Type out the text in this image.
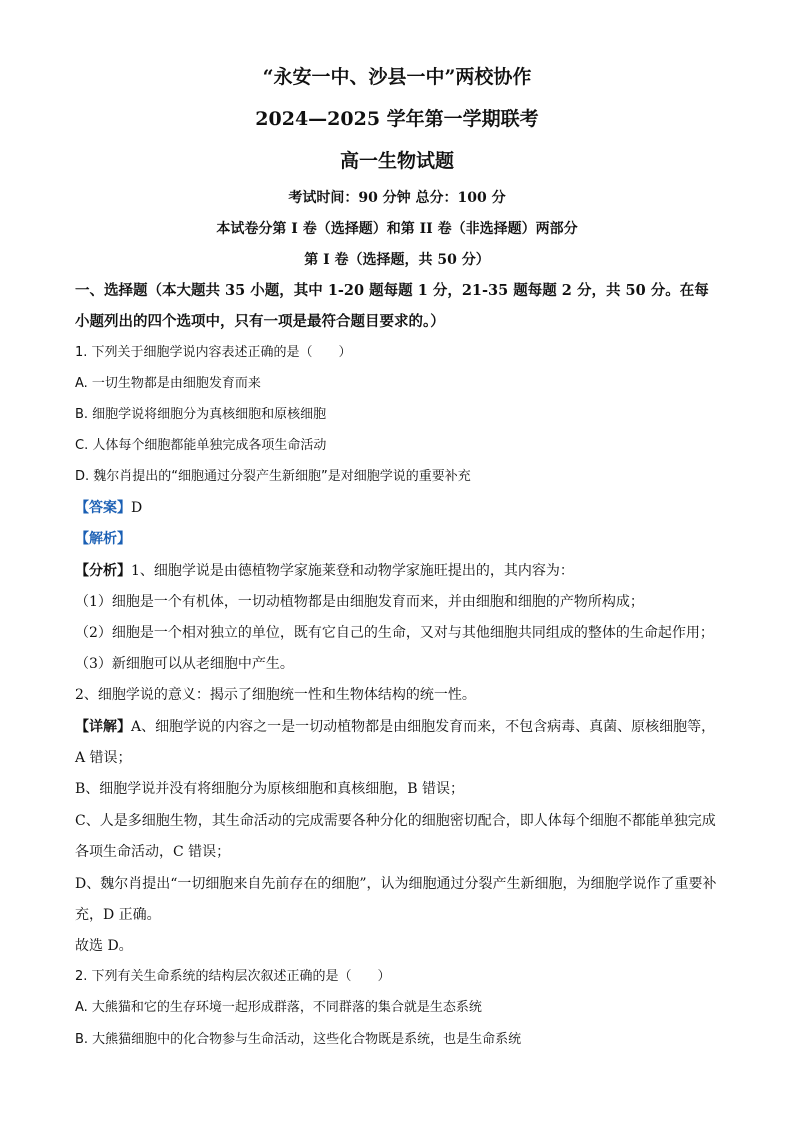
“永安一中、沙县一中”两校协作
2024—2025 学年第一学期联考
高一生物试题
考试时间：90 分钟 总分：100 分
本试卷分第 I 卷（选择题）和第 II 卷（非选择题）两部分
第 I 卷（选择题，共 50 分）
一、选择题（本大题共 35 小题，其中 1-20 题每题 1 分，21-35 题每题 2 分，共 50 分。在每
小题列出的四个选项中，只有一项是最符合题目要求的。）
1. 下列关于细胞学说内容表述正确的是（　　）
A. 一切生物都是由细胞发育而来
B. 细胞学说将细胞分为真核细胞和原核细胞
C. 人体每个细胞都能单独完成各项生命活动
D. 魏尔肖提出的“细胞通过分裂产生新细胞”是对细胞学说的重要补充
【答案】D
【解析】
【分析】1、细胞学说是由德植物学家施莱登和动物学家施旺提出的，其内容为：
（1）细胞是一个有机体，一切动植物都是由细胞发育而来，并由细胞和细胞的产物所构成；
（2）细胞是一个相对独立的单位，既有它自己的生命，又对与其他细胞共同组成的整体的生命起作用；
（3）新细胞可以从老细胞中产生。
2、细胞学说的意义：揭示了细胞统一性和生物体结构的统一性。
【详解】A、细胞学说的内容之一是一切动植物都是由细胞发育而来，不包含病毒、真菌、原核细胞等，
A 错误；
B、细胞学说并没有将细胞分为原核细胞和真核细胞，B 错误；
C、人是多细胞生物，其生命活动的完成需要各种分化的细胞密切配合，即人体每个细胞不都能单独完成
各项生命活动，C 错误；
D、魏尔肖提出“一切细胞来自先前存在的细胞”，认为细胞通过分裂产生新细胞，为细胞学说作了重要补
充，D 正确。
故选 D。
2. 下列有关生命系统的结构层次叙述正确的是（　　）
A. 大熊猫和它的生存环境一起形成群落，不同群落的集合就是生态系统
B. 大熊猫细胞中的化合物参与生命活动，这些化合物既是系统，也是生命系统
